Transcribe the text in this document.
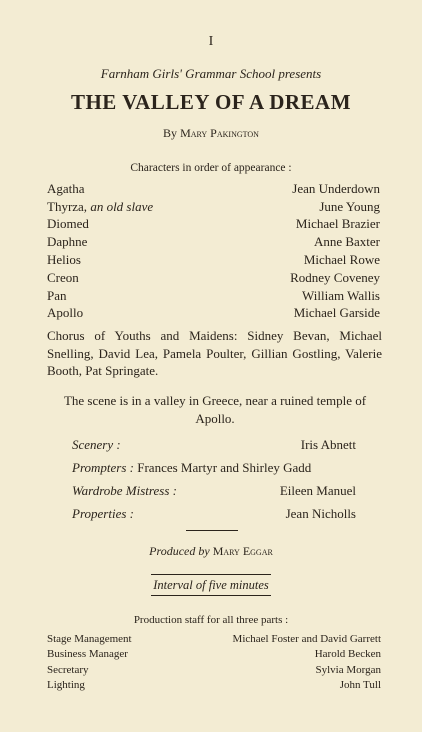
I
Farnham Girls' Grammar School presents
THE VALLEY OF A DREAM
By Mary Pakington
Characters in order of appearance :
Agatha	Jean Underdown
Thyrza, an old slave	June Young
Diomed	Michael Brazier
Daphne	Anne Baxter
Helios	Michael Rowe
Creon	Rodney Coveney
Pan	William Wallis
Apollo	Michael Garside
Chorus of Youths and Maidens: Sidney Bevan, Michael Snelling, David Lea, Pamela Poulter, Gillian Gostling, Valerie Booth, Pat Springate.
The scene is in a valley in Greece, near a ruined temple of Apollo.
Scenery :	Iris Abnett
Prompters :
Frances Martyr and Shirley Gadd
Wardrobe Mistress :	Eileen Manuel
Properties :	Jean Nicholls
Produced by Mary Eggar
Interval of five minutes
Production staff for all three parts :
Stage Management	Michael Foster and David Garrett
Business Manager	Harold Becken
Secretary	Sylvia Morgan
Lighting	John Tull
